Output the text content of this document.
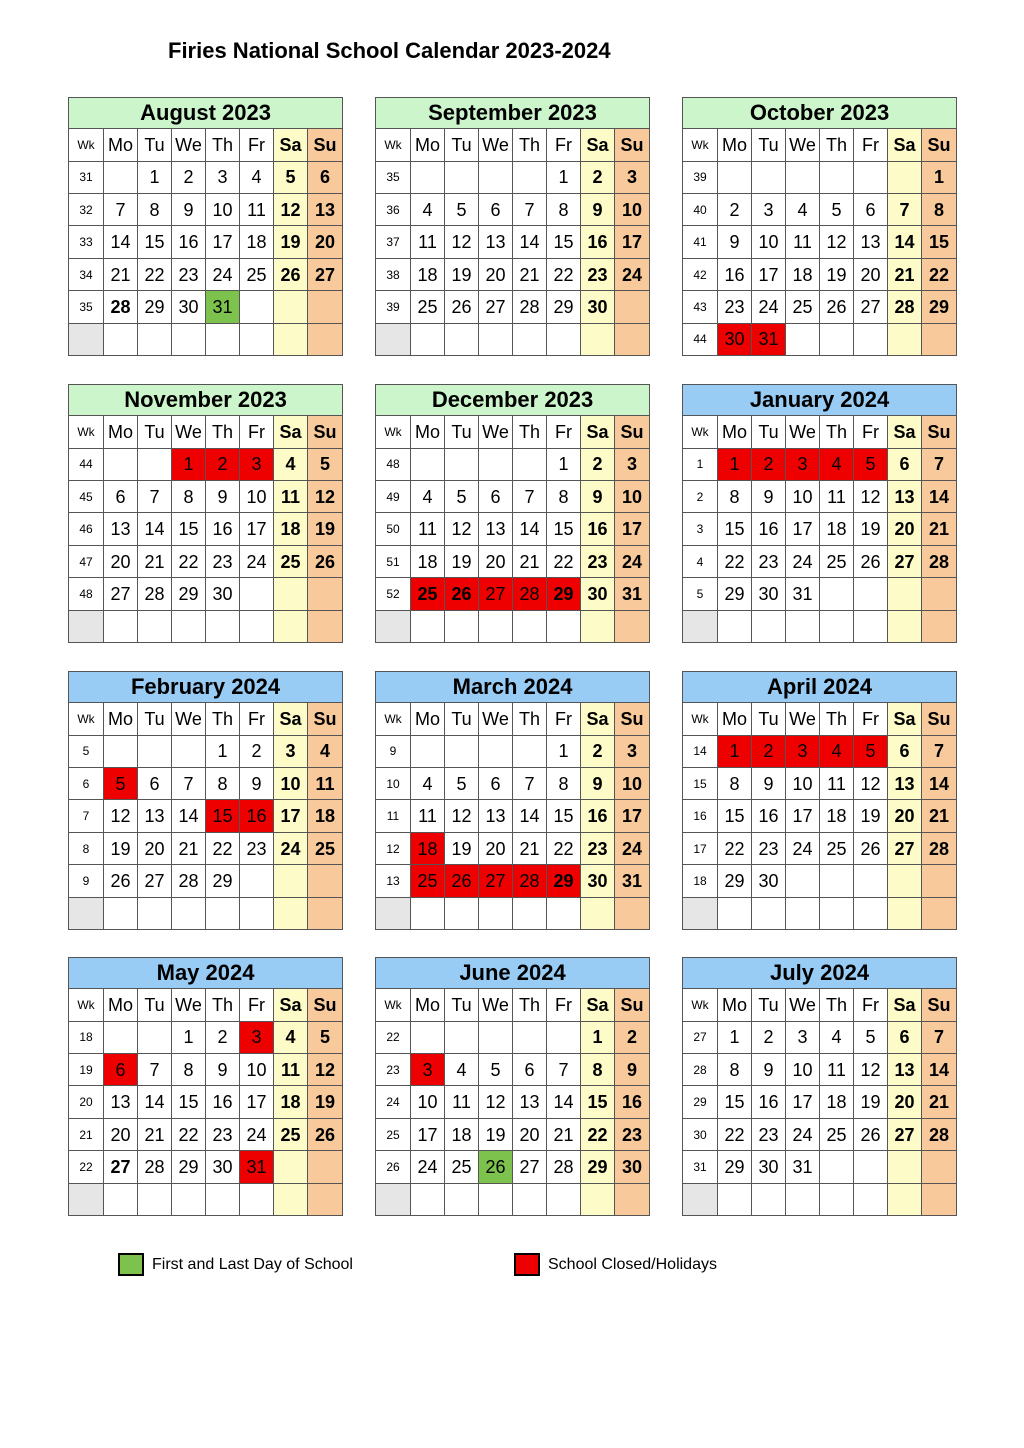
Firies National School Calendar 2023-2024
August 2023							
Wk	Mo	Tu	We	Th	Fr	Sa	Su
31		1	2	3	4	5	6
32	7	8	9	10	11	12	13
33	14	15	16	17	18	19	20
34	21	22	23	24	25	26	27
35	28	29	30	31			

September 2023							
Wk	Mo	Tu	We	Th	Fr	Sa	Su
35					1	2	3
36	4	5	6	7	8	9	10
37	11	12	13	14	15	16	17
38	18	19	20	21	22	23	24
39	25	26	27	28	29	30	

October 2023							
Wk	Mo	Tu	We	Th	Fr	Sa	Su
39							1
40	2	3	4	5	6	7	8
41	9	10	11	12	13	14	15
42	16	17	18	19	20	21	22
43	23	24	25	26	27	28	29
44	30	31					
November 2023							
Wk	Mo	Tu	We	Th	Fr	Sa	Su
44			1	2	3	4	5
45	6	7	8	9	10	11	12
46	13	14	15	16	17	18	19
47	20	21	22	23	24	25	26
48	27	28	29	30			

December 2023							
Wk	Mo	Tu	We	Th	Fr	Sa	Su
48					1	2	3
49	4	5	6	7	8	9	10
50	11	12	13	14	15	16	17
51	18	19	20	21	22	23	24
52	25	26	27	28	29	30	31

January 2024							
Wk	Mo	Tu	We	Th	Fr	Sa	Su
1	1	2	3	4	5	6	7
2	8	9	10	11	12	13	14
3	15	16	17	18	19	20	21
4	22	23	24	25	26	27	28
5	29	30	31				

February 2024							
Wk	Mo	Tu	We	Th	Fr	Sa	Su
5				1	2	3	4
6	5	6	7	8	9	10	11
7	12	13	14	15	16	17	18
8	19	20	21	22	23	24	25
9	26	27	28	29			

March 2024							
Wk	Mo	Tu	We	Th	Fr	Sa	Su
9					1	2	3
10	4	5	6	7	8	9	10
11	11	12	13	14	15	16	17
12	18	19	20	21	22	23	24
13	25	26	27	28	29	30	31

April 2024							
Wk	Mo	Tu	We	Th	Fr	Sa	Su
14	1	2	3	4	5	6	7
15	8	9	10	11	12	13	14
16	15	16	17	18	19	20	21
17	22	23	24	25	26	27	28
18	29	30					

May 2024							
Wk	Mo	Tu	We	Th	Fr	Sa	Su
18			1	2	3	4	5
19	6	7	8	9	10	11	12
20	13	14	15	16	17	18	19
21	20	21	22	23	24	25	26
22	27	28	29	30	31		

June 2024							
Wk	Mo	Tu	We	Th	Fr	Sa	Su
22						1	2
23	3	4	5	6	7	8	9
24	10	11	12	13	14	15	16
25	17	18	19	20	21	22	23
26	24	25	26	27	28	29	30

July 2024							
Wk	Mo	Tu	We	Th	Fr	Sa	Su
27	1	2	3	4	5	6	7
28	8	9	10	11	12	13	14
29	15	16	17	18	19	20	21
30	22	23	24	25	26	27	28
31	29	30	31				

First and Last Day of School	School Closed/Holidays
